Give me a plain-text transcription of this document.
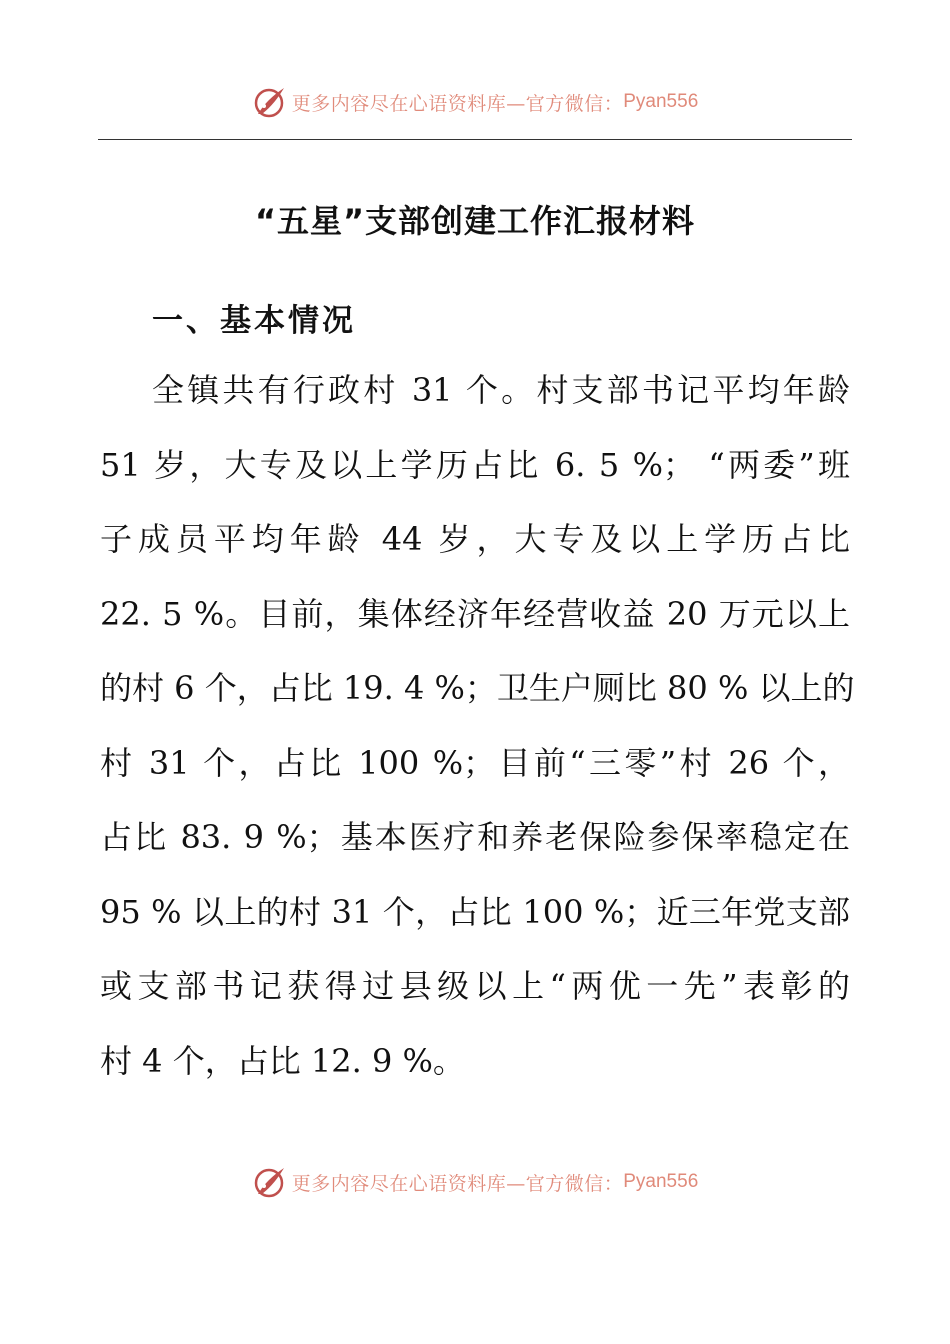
更多内容尽在心语资料库—官方微信： Pyan556
“五星”支部创建工作汇报材料
一、基本情况

全镇共有行政村 31 个。村支部书记平均年龄
51 岁，大专及以上学历占比 6. 5 %； “两委”班
子成员平均年龄 44 岁，大专及以上学历占比
22. 5 %。目前，集体经济年经营收益 20 万元以上
的村 6 个，占比 19. 4 %；卫生户厕比 80 % 以上的
村 31 个，占比 100 %；目前“三零”村 26 个，
占比 83. 9 %；基本医疗和养老保险参保率稳定在
95 % 以上的村 31 个，占比 100 %；近三年党支部
或支部书记获得过县级以上“两优一先”表彰的
村 4 个，占比 12. 9 %。

更多内容尽在心语资料库—官方微信： Pyan556
